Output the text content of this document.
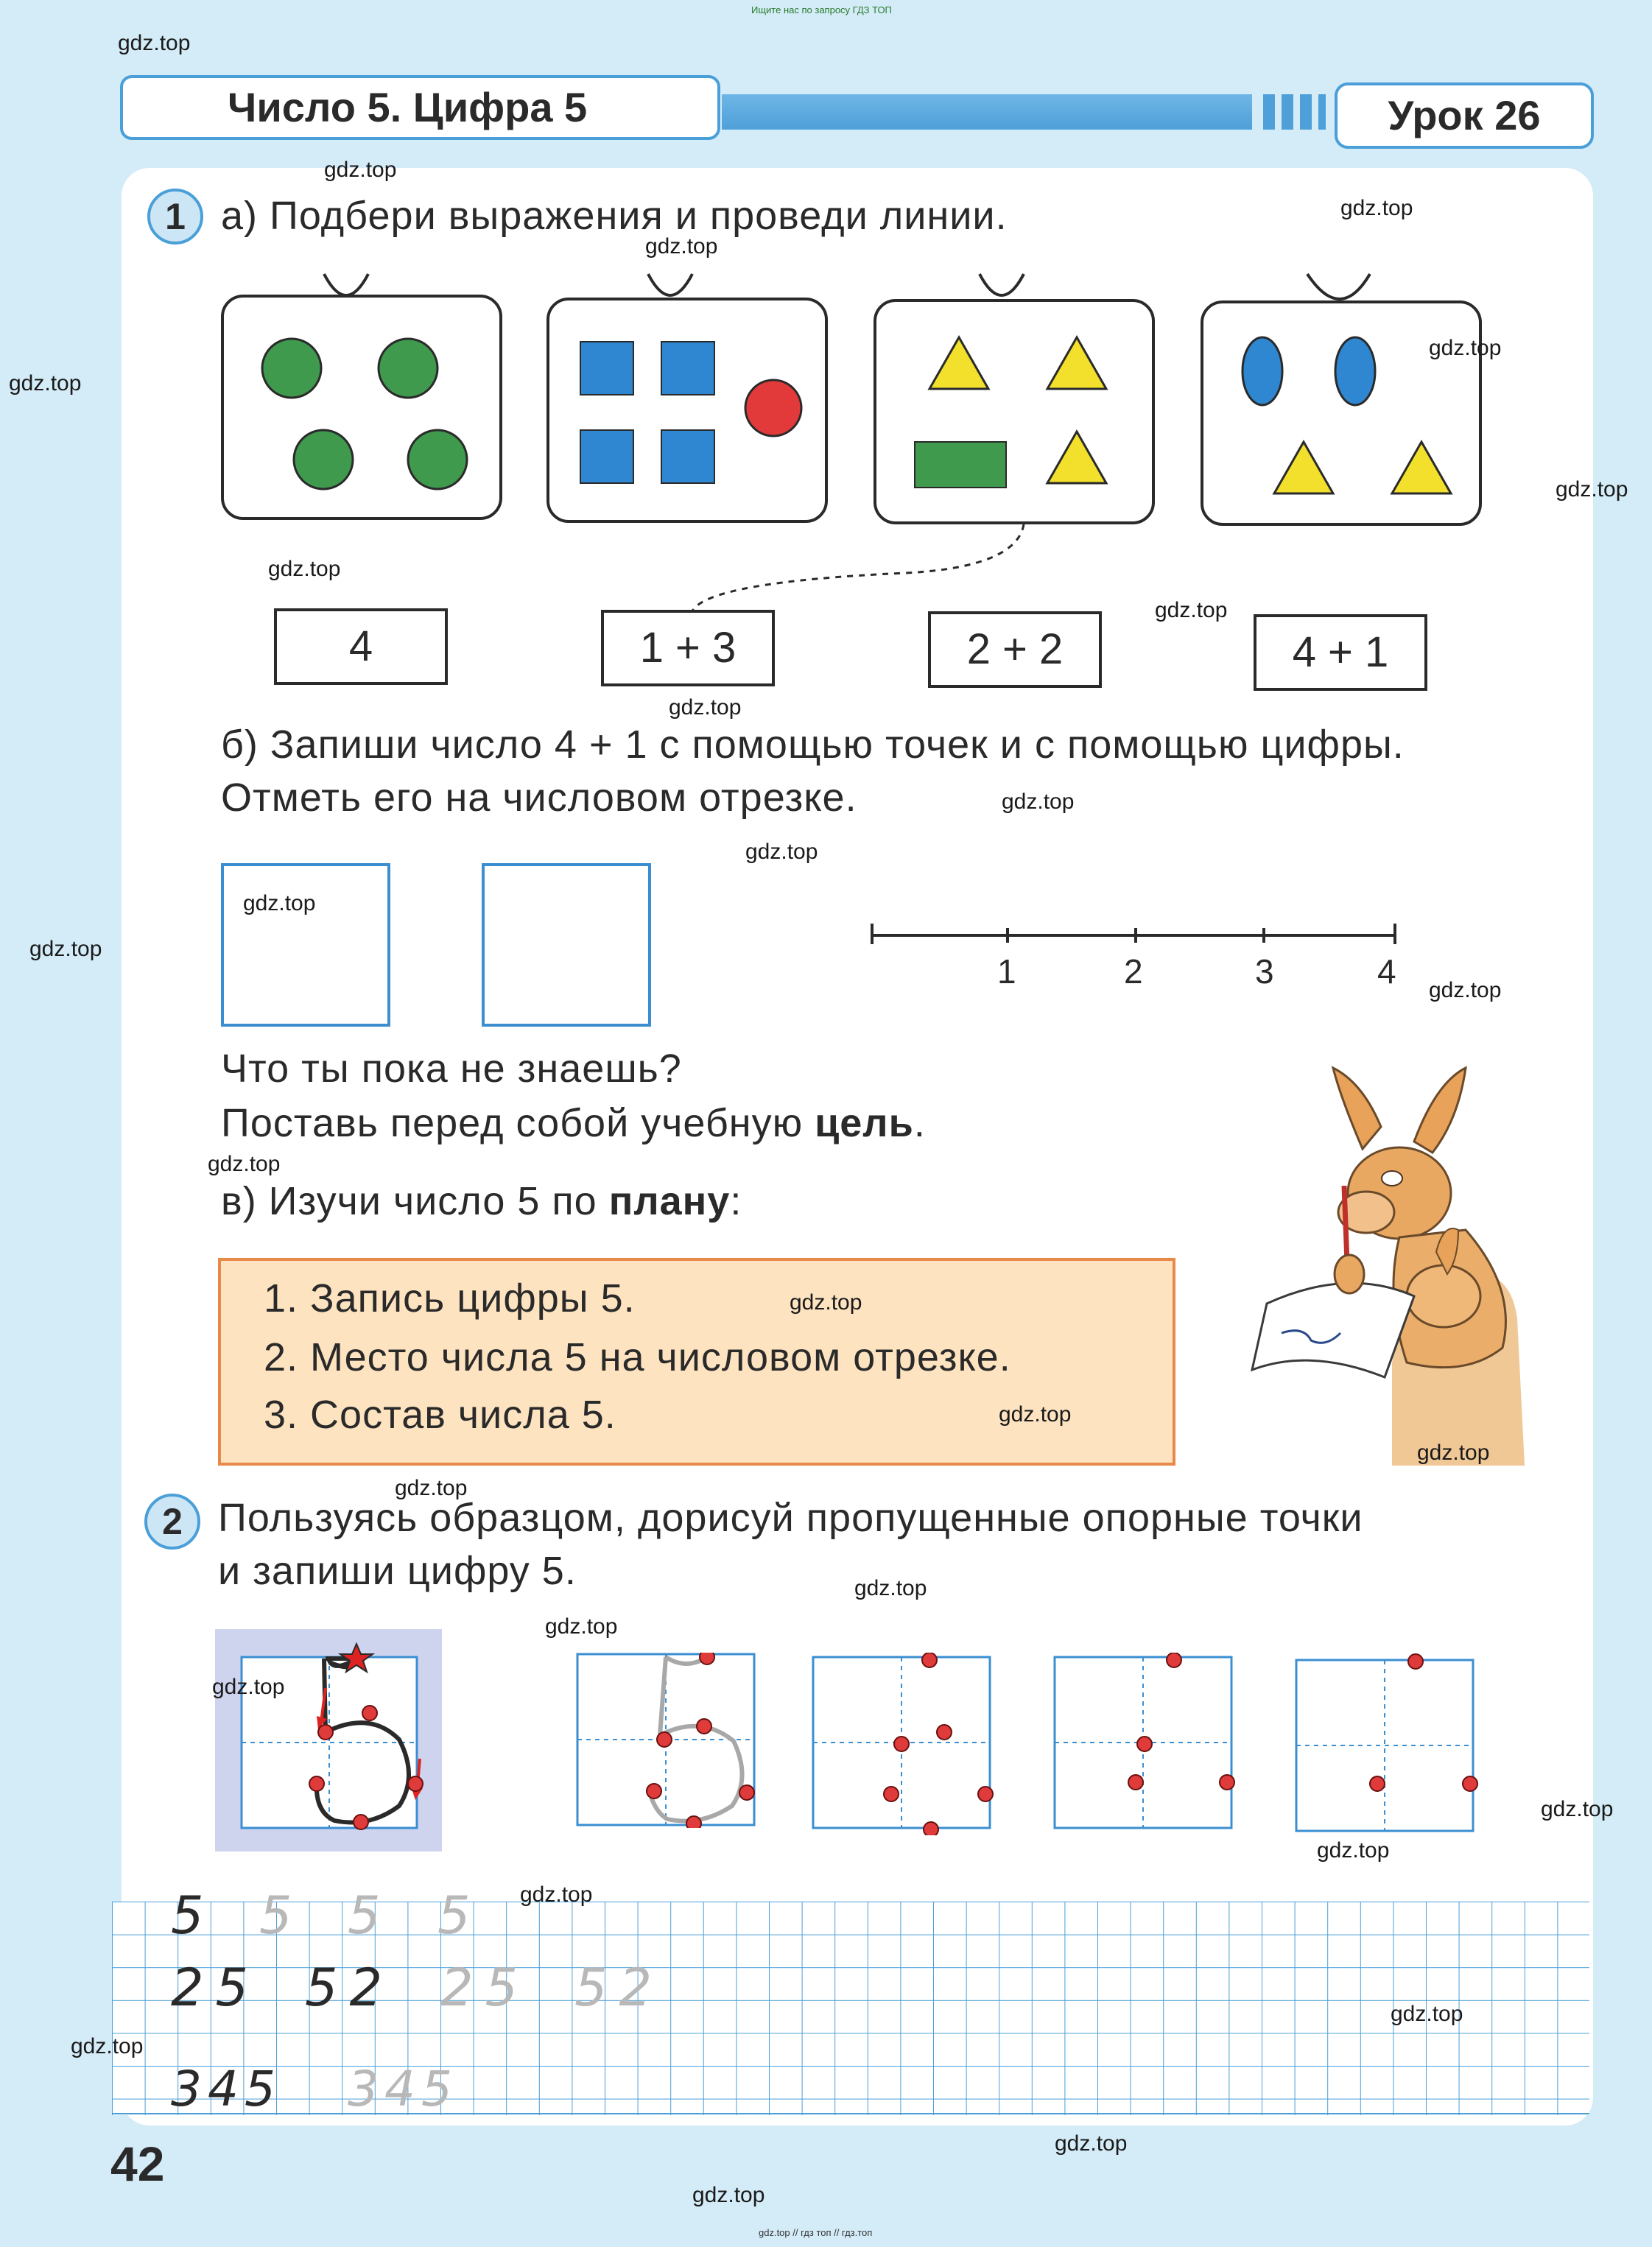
Ищите нас по запросу ГДЗ ТОП
Число 5. Цифра 5	Урок 26
1 а) Подбери выражения и проведи линии.
4	1 + 3	2 + 2	4 + 1
б) Запиши число 4 + 1 с помощью точек и с помощью цифры.
Отметь его на числовом отрезке.
1	2	3	4
Что ты пока не знаешь?
Поставь перед собой учебную цель.
в) Изучи число 5 по плану:
1. Запись цифры 5.
2. Место числа 5 на числовом отрезке.
3. Состав числа 5.
2 Пользуясь образцом, дорисуй пропущенные опорные точки
и запиши цифру 5.
5 5 5 5
25 52 25 52
345 345
42
gdz.top
gdz.top
gdz.top
gdz.top
gdz.top
gdz.top
gdz.top
gdz.top
gdz.top
gdz.top
gdz.top
gdz.top
gdz.top
gdz.top
gdz.top
gdz.top
gdz.top
gdz.top
gdz.top
gdz.top
gdz.top
gdz.top
gdz.top
gdz.top
gdz.top
gdz.top
gdz.top
gdz.top
gdz.top
gdz.top
gdz.top // гдз топ // гдз.топ
